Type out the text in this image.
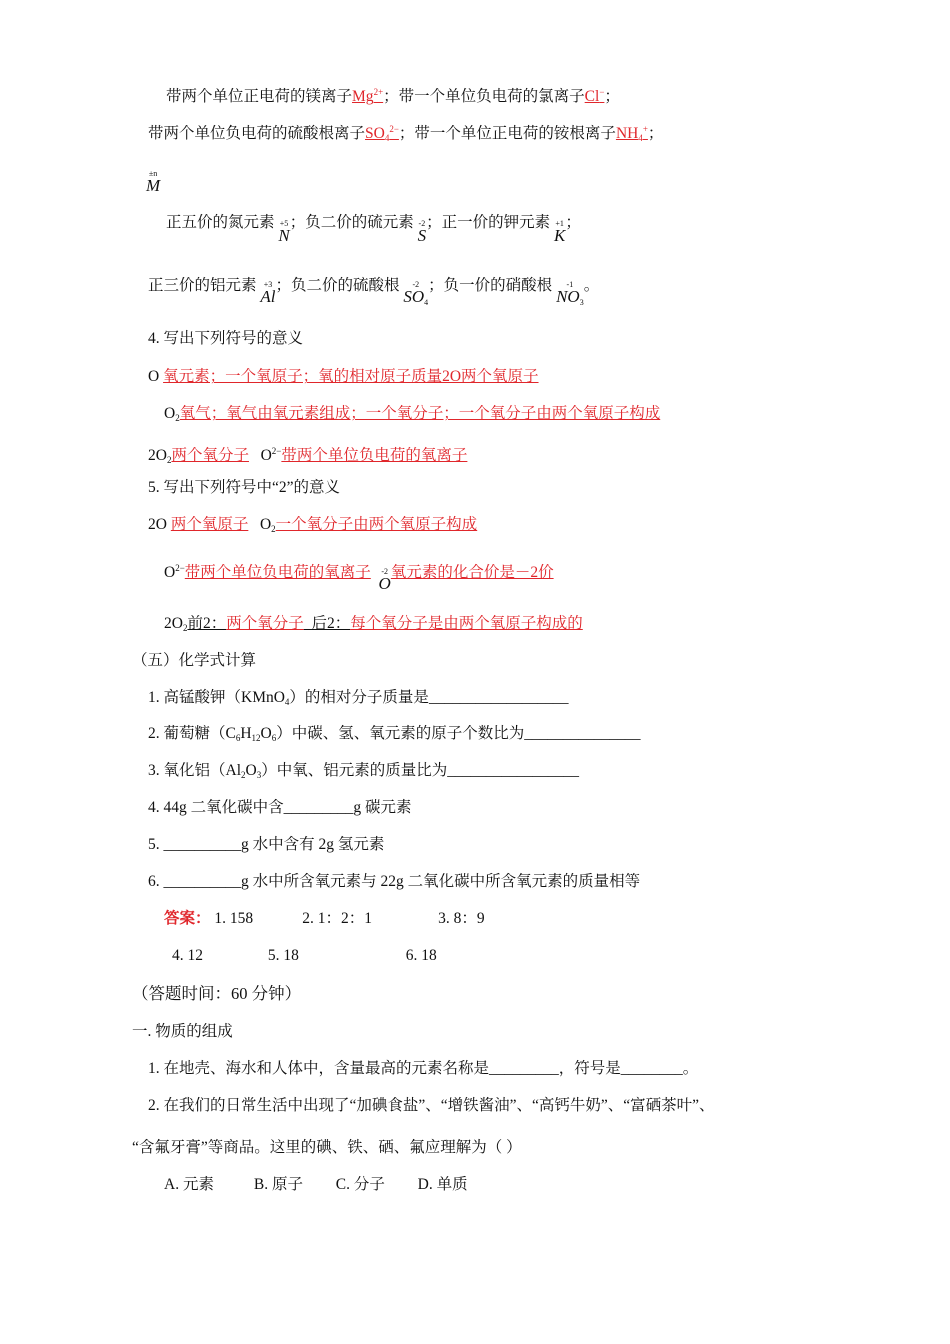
带两个单位正电荷的镁离子$Mg^{2+}$；带一个单位负电荷的氯离子Cl−；
带两个单位负电荷的硫酸根离子$SO_4^{2-}$；带一个单位正电荷的铵根离子$NH_4^+$；
±n
M
正五价的氮元素 +5
N；负二价的硫元素 -2
S；正一价的钾元素 +1
K；
正三价的铝元素 +3
Al；负二价的硫酸根	-2
$SO_4$；负一价的硝酸根	-1
$NO_3$。
4. 写出下列符号的意义
O 氧元素；一个氧原子；氧的相对原子质量2O两个氧原子
$O_2$氧气；氧气由氧元素组成；一个氧分子；一个氧分子由两个氧原子构成
$2O_2$两个氧分子 $O^{2-}$带两个单位负电荷的氧离子
5. 写出下列符号中“2”的意义
2O 两个氧原子 $O_2$一个氧分子由两个氧原子构成
$O^{2-}$带两个单位负电荷的氧离子	-2
O氧元素的化合价是－2价
$2O_2$前2：两个氧分子 后2：每个氧分子是由两个氧原子构成的
（五）化学式计算
1. 高锰酸钾（KMnO$_4$）的相对分子质量是__________________
2. 葡萄糖$(C_6H_{12}O_6)$中碳、氢、氧元素的原子个数比为_______________
3. 氧化铝$(Al_2O_3)$中氧、铝元素的质量比为_________________
4. 44g 二氧化碳中含_________g 碳元素
5. __________g 水中含有 2g 氢元素
6. __________g 水中所含氧元素与 22g 二氧化碳中所含氧元素的质量相等
答案： 1. 158	2. 1：2：1	3. 8：9
4. 12	5. 18	6. 18
（答题时间：60 分钟）
一. 物质的组成
1. 在地壳、海水和人体中，含量最高的元素名称是_________，符号是________。
2. 在我们的日常生活中出现了“加碘食盐”、“增铁酱油”、“高钙牛奶”、“富硒茶叶”、
“含氟牙膏”等商品。这里的碘、铁、硒、氟应理解为（ ）
A. 元素	B. 原子 C. 分子 D. 单质
